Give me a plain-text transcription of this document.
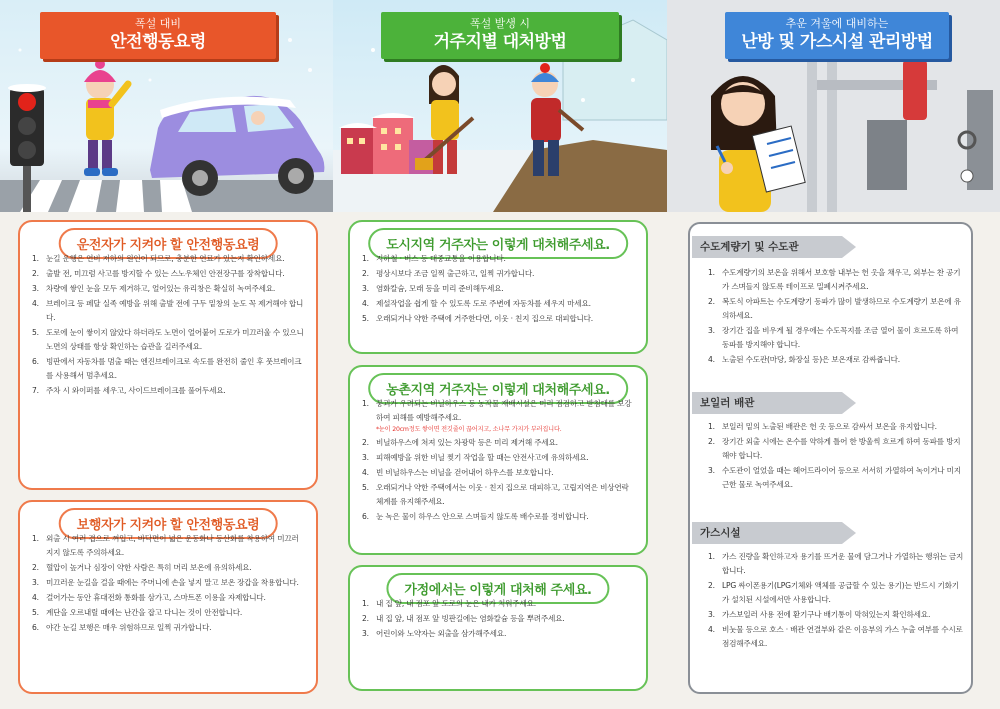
폭설 대비
안전행동요령
운전자가 지켜야 할 안전행동요령
1. 눈길 운행은 연비 저하의 원인이 되므로, 충분한 연료가 있는지 확인하세요.
2. 출발 전, 미끄럼 사고를 방지할 수 있는 스노우체인 안전장구를 장착합니다.
3. 차량에 쌓인 눈을 모두 제거하고, 얼어있는 유리창은 확실히 녹여주세요.
4. 브레이크 등 페달 실족 예방을 위해 출발 전에 구두 밑창의 눈도 꼭 제거해야 합니다.
5. 도로에 눈이 쌓이지 않았다 하더라도 노면이 얼어붙어 도로가 미끄러울 수 있으니 노면의 상태를 항상 확인하는 습관을 길러주세요.
6. 빙판에서 자동차를 멈출 때는 엔진브레이크로 속도를 완전히 줄인 후 풋브레이크를 사용해서 멈추세요.
7. 주차 시 와이퍼를 세우고, 사이드브레이크를 풀어두세요.
보행자가 지켜야 할 안전행동요령
1. 외출 시 여러 겹으로 껴입고, 바닥면이 넓은 운동화나 등산화를 착용하여 미끄러지지 않도록 주의하세요.
2. 혈압이 높거나 심장이 약한 사람은 특히 머리 보온에 유의하세요.
3. 미끄러운 눈길을 걸을 때에는 주머니에 손을 넣지 말고 보온 장갑을 착용합니다.
4. 걸어가는 동안 휴대전화 통화를 삼가고, 스마트폰 이용을 자제합니다.
5. 계단을 오르내릴 때에는 난간을 잡고 다니는 것이 안전합니다.
6. 야간 눈길 보행은 매우 위험하므로 일찍 귀가합니다.
폭설 발생 시
거주지별 대처방법
도시지역 거주자는 이렇게 대처해주세요.
1. 지하철 · 버스 등 대중교통을 이용합니다.
2. 평상시보다 조금 일찍 출근하고, 일찍 귀가합니다.
3. 염화칼슘, 모래 등을 미리 준비해두세요.
4. 제설작업을 쉽게 할 수 있도록 도로 주변에 자동차를 세우지 마세요.
5. 오래되거나 약한 주택에 거주한다면, 이웃 · 친지 집으로 대피합니다.
농촌지역 거주자는 이렇게 대처해주세요.
1. 붕괴가 우려되는 비닐하우스 등 농작물 재배시설은 미리 점검하고 받침대를 보강하여 피해를 예방해주세요.
*눈이 20cm정도 쌓이면 전깃줄이 끊어지고, 소나무 가지가 부러집니다.
2. 비닐하우스에 쳐져 있는 차광막 등은 미리 제거해 주세요.
3. 피해예방을 위한 비닐 찢기 작업을 할 때는 안전사고에 유의하세요.
4. 빈 비닐하우스는 비닐을 걷어내어 하우스를 보호합니다.
5. 오래되거나 약한 주택에서는 이웃 · 친지 집으로 대피하고, 고립지역은 비상연락체계를 유지해주세요.
6. 눈 녹은 물이 하우스 안으로 스며들지 않도록 배수로를 정비합니다.
가정에서는 이렇게 대처해 주세요.
1. 내 집 앞, 내 점포 앞 도로의 눈은 내가 치워주세요.
2. 내 집 앞, 내 점포 앞 빙판길에는 염화칼슘 등을 뿌려주세요.
3. 어린이와 노약자는 외출을 삼가해주세요.
추운 겨울에 대비하는
난방 및 가스시설 관리방법
수도계량기 및 수도관
1. 수도계량기의 보온을 위해서 보호함 내부는 헌 옷을 채우고, 외부는 찬 공기가 스며들지 않도록 테이프로 밀폐시켜주세요.
2. 복도식 아파트는 수도계량기 동파가 많이 발생하므로 수도계량기 보온에 유의하세요.
3. 장기간 집을 비우게 될 경우에는 수도꼭지를 조금 열어 물이 흐르도록 하여 동파를 방지해야 합니다.
4. 노출된 수도관(마당, 화장실 등)은 보온재로 감싸줍니다.
보일러 배관
1. 보일러 밑의 노출된 배관은 헌 옷 등으로 감싸서 보온을 유지합니다.
2. 장기간 외출 시에는 온수를 약하게 틀어 한 방울씩 흐르게 하여 동파를 방지해야 합니다.
3. 수도관이 얼었을 때는 헤어드라이어 등으로 서서히 가열하여 녹이거나 미지근한 물로 녹여주세요.
가스시설
1. 가스 진량을 확인하고자 용기를 뜨거운 물에 담그거나 가열하는 행위는 금지합니다.
2. LPG 싸이폰용기(LPG기체와 액체를 공급할 수 있는 용기)는 반드시 기화기가 설치된 시설에서만 사용합니다.
3. 가스보일러 사용 전에 환기구나 배기통이 막혀있는지 확인하세요.
4. 비눗물 등으로 호스 · 배관 연결부와 같은 이음부의 가스 누출 여부를 수시로 점검해주세요.
